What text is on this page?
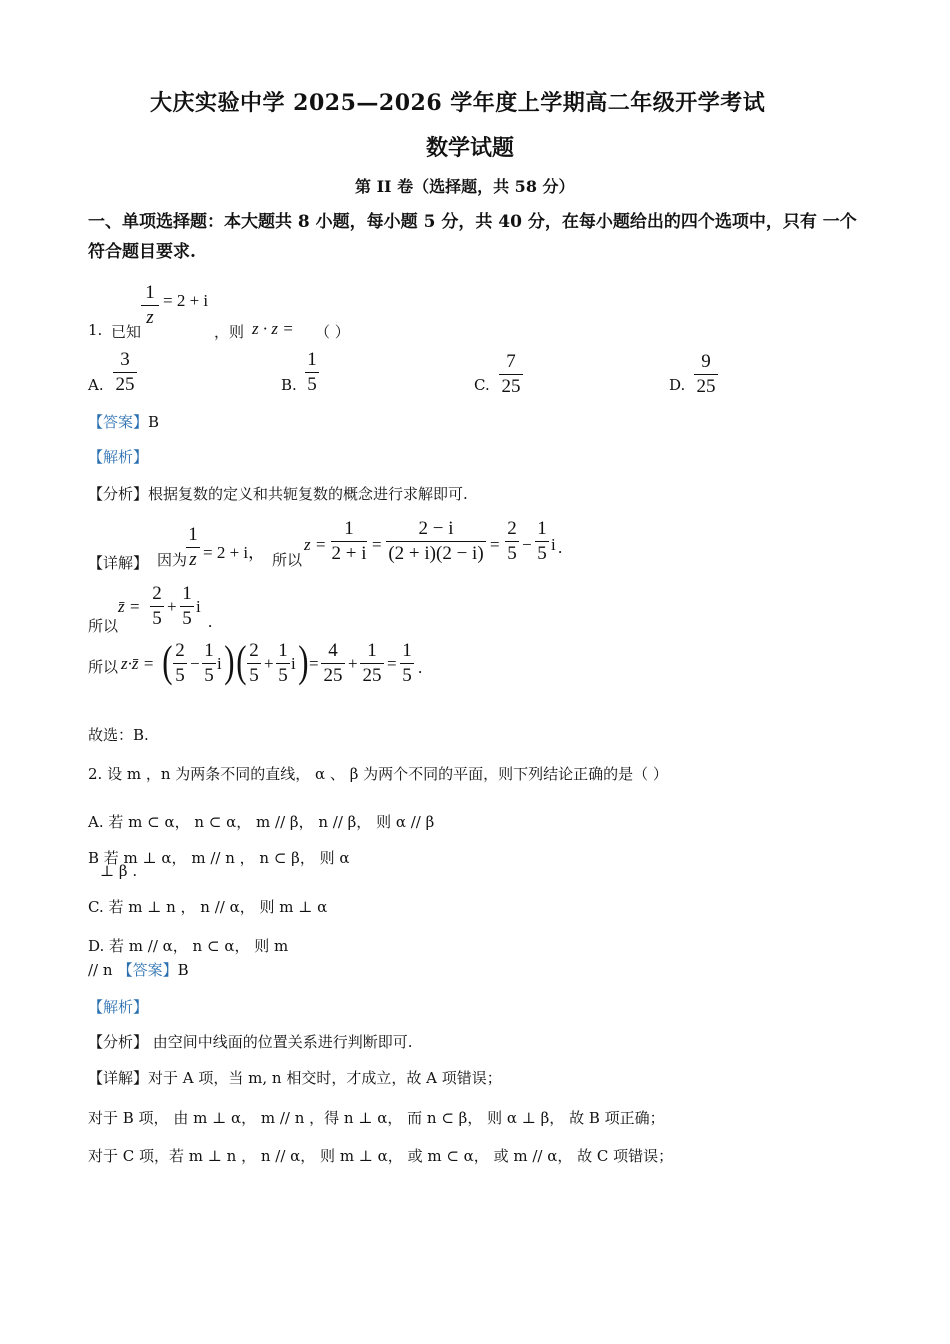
大庆实验中学 2025—2026 学年度上学期高二年级开学考试
数学试题
第 II 卷（选择题，共 58 分）
一、单项选择题：本大题共 8 小题，每小题 5 分，共 40 分，在每小题给出的四个选项中，只有 一个符合题目要求.
1. 已知
1
z
= 2 + i
，则 z · z = （ ）
A.
3
25	B.
1
5	C.
7
25	D.
9
25
【答案】B
【解析】
【分析】根据复数的定义和共轭复数的概念进行求解即可.
【详解】 因为
1
z = 2 + i， 所以
z =
1
2 + i =
2 − i
(2 + i)(2 − i) =
2
5 −
1
5 i .
所以
z̄ =
2
5
+
1
5
i
.
所以 z·z̄ = ( 2
5
−
1
5
i ) ( 2
5
+
1
5
i ) =
4
25
+
1
25
=
1
5 .
故选：B.
2. 设 m ，n 为两条不同的直线， α 、 β 为两个不同的平面，则下列结论正确的是（ ）
A. 若 m ⊂ α， n ⊂ α， m // β， n // β， 则 α // β
B 若 m ⊥ α， m // n ， n ⊂ β， 则 α
⊥ β .
C. 若 m ⊥ n ， n // α， 则 m ⊥ α
D. 若 m // α， n ⊂ α， 则 m
// n 【答案】B
【解析】
【分析】 由空间中线面的位置关系进行判断即可.
【详解】对于 A 项，当 m, n 相交时，才成立，故 A 项错误；
对于 B 项， 由 m ⊥ α， m // n ，得 n ⊥ α， 而 n ⊂ β， 则 α ⊥ β， 故 B 项正确；
对于 C 项，若 m ⊥ n ， n // α， 则 m ⊥ α， 或 m ⊂ α， 或 m // α， 故 C 项错误；
